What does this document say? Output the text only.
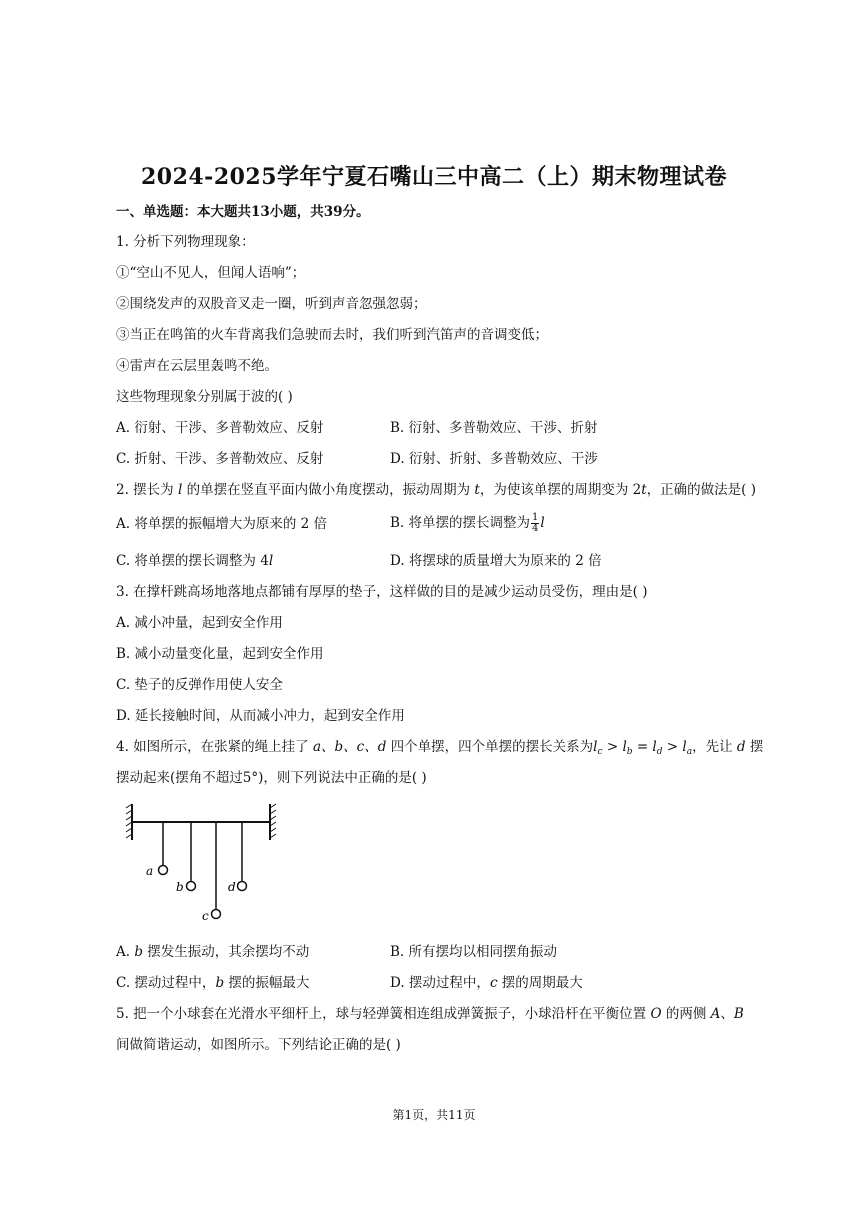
2024-2025学年宁夏石嘴山三中高二（上）期末物理试卷
一、单选题：本大题共13小题，共39分。
1. 分析下列物理现象：
①“空山不见人，但闻人语响”；
②围绕发声的双股音叉走一圈，听到声音忽强忽弱；
③当正在鸣笛的火车背离我们急驶而去时，我们听到汽笛声的音调变低；
④雷声在云层里轰鸣不绝。
这些物理现象分别属于波的( )
A. 衍射、干涉、多普勒效应、反射	B. 衍射、多普勒效应、干涉、折射
C. 折射、干涉、多普勒效应、反射	D. 衍射、折射、多普勒效应、干涉
2. 摆长为 l 的单摆在竖直平面内做小角度摆动，振动周期为 t，为使该单摆的周期变为 2t，正确的做法是( )
A. 将单摆的振幅增大为原来的 2 倍	B. 将单摆的摆长调整为 $\frac{1}{4}$ l
C. 将单摆的摆长调整为 4l	D. 将摆球的质量增大为原来的 2 倍
3. 在撑杆跳高场地落地点都铺有厚厚的垫子，这样做的目的是减少运动员受伤，理由是( )
A. 减小冲量，起到安全作用
B. 减小动量变化量，起到安全作用
C. 垫子的反弹作用使人安全
D. 延长接触时间，从而减小冲力，起到安全作用
4. 如图所示，在张紧的绳上挂了 a、b、c、d 四个单摆，四个单摆的摆长关系为$l_c > l_b = l_d > l_a$，先让 d 摆
摆动起来(摆角不超过5°)，则下列说法中正确的是( )
a
b
c
d
A. b 摆发生振动，其余摆均不动	B. 所有摆均以相同摆角振动
C. 摆动过程中，b 摆的振幅最大	D. 摆动过程中，c 摆的周期最大
5. 把一个小球套在光滑水平细杆上，球与轻弹簧相连组成弹簧振子，小球沿杆在平衡位置 O 的两侧 A、B
间做简谐运动，如图所示。下列结论正确的是( )
第1页，共11页
